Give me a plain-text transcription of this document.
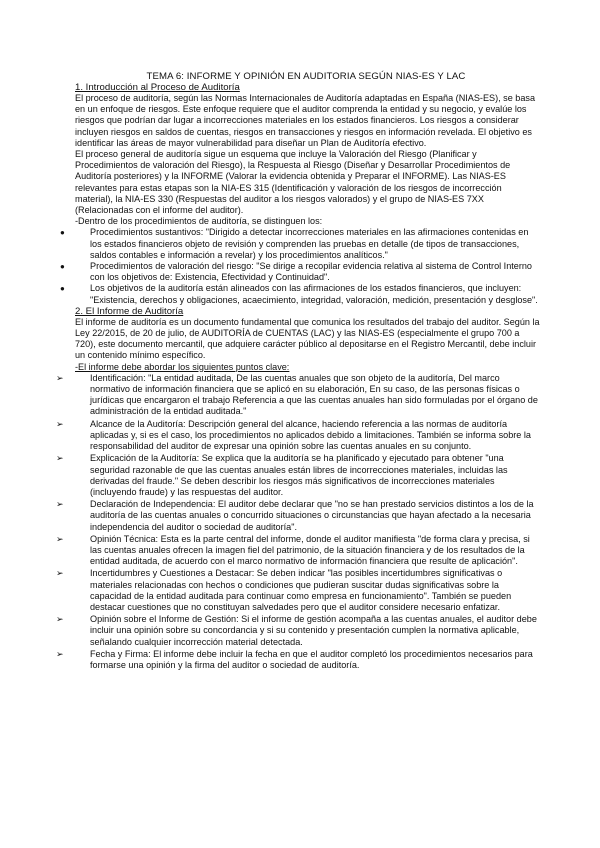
TEMA 6: INFORME Y OPINIÓN EN AUDITORIA SEGÚN NIAS-ES Y LAC

1. Introducción al Proceso de Auditoría

El proceso de auditoría, según las Normas Internacionales de Auditoría adaptadas en España (NIAS-ES), se basa en un enfoque de riesgos. Este enfoque requiere que el auditor comprenda la entidad y su negocio, y evalúe los riesgos que podrían dar lugar a incorrecciones materiales en los estados financieros. Los riesgos a considerar incluyen riesgos en saldos de cuentas, riesgos en transacciones y riesgos en información revelada. El objetivo es identificar las áreas de mayor vulnerabilidad para diseñar un Plan de Auditoría efectivo.

El proceso general de auditoría sigue un esquema que incluye la Valoración del Riesgo (Planificar y Procedimientos de valoración del Riesgo), la Respuesta al Riesgo (Diseñar y Desarrollar Procedimientos de Auditoría posteriores) y la INFORME (Valorar la evidencia obtenida y Preparar el INFORME). Las NIAS-ES relevantes para estas etapas son la NIA-ES 315 (Identificación y valoración de los riesgos de incorrección material), la NIA-ES 330 (Respuestas del auditor a los riesgos valorados) y el grupo de NIAS-ES 7XX (Relacionadas con el informe del auditor).

-Dentro de los procedimientos de auditoría, se distinguen los:

●	Procedimientos sustantivos: "Dirigido a detectar incorrecciones materiales en las afirmaciones contenidas en los estados financieros objeto de revisión y comprenden las pruebas en detalle (de tipos de transacciones, saldos contables e información a revelar) y los procedimientos analíticos."
●	Procedimientos de valoración del riesgo: "Se dirige a recopilar evidencia relativa al sistema de Control Interno con los objetivos de: Existencia, Efectividad y Continuidad".
●	Los objetivos de la auditoría están alineados con las afirmaciones de los estados financieros, que incluyen: "Existencia, derechos y obligaciones, acaecimiento, integridad, valoración, medición, presentación y desglose".

2. El Informe de Auditoría

El informe de auditoría es un documento fundamental que comunica los resultados del trabajo del auditor. Según la Ley 22/2015, de 20 de julio, de AUDITORÍA de CUENTAS (LAC) y las NIAS-ES (especialmente el grupo 700 a 720), este documento mercantil, que adquiere carácter público al depositarse en el Registro Mercantil, debe incluir un contenido mínimo específico.

-El informe debe abordar los siguientes puntos clave:

➢	Identificación: "La entidad auditada, De las cuentas anuales que son objeto de la auditoría, Del marco normativo de información financiera que se aplicó en su elaboración, En su caso, de las personas físicas o jurídicas que encargaron el trabajo Referencia a que las cuentas anuales han sido formuladas por el órgano de administración de la entidad auditada."
➢	Alcance de la Auditoría: Descripción general del alcance, haciendo referencia a las normas de auditoría aplicadas y, si es el caso, los procedimientos no aplicados debido a limitaciones. También se informa sobre la responsabilidad del auditor de expresar una opinión sobre las cuentas anuales en su conjunto.
➢	Explicación de la Auditoría: Se explica que la auditoría se ha planificado y ejecutado para obtener "una seguridad razonable de que las cuentas anuales están libres de incorrecciones materiales, incluidas las derivadas del fraude." Se deben describir los riesgos más significativos de incorrecciones materiales (incluyendo fraude) y las respuestas del auditor.
➢	Declaración de Independencia: El auditor debe declarar que "no se han prestado servicios distintos a los de la auditoría de las cuentas anuales o concurrido situaciones o circunstancias que hayan afectado a la necesaria independencia del auditor o sociedad de auditoría".
➢	Opinión Técnica: Esta es la parte central del informe, donde el auditor manifiesta "de forma clara y precisa, si las cuentas anuales ofrecen la imagen fiel del patrimonio, de la situación financiera y de los resultados de la entidad auditada, de acuerdo con el marco normativo de información financiera que resulte de aplicación".
➢	Incertidumbres y Cuestiones a Destacar: Se deben indicar "las posibles incertidumbres significativas o materiales relacionadas con hechos o condiciones que pudieran suscitar dudas significativas sobre la capacidad de la entidad auditada para continuar como empresa en funcionamiento". También se pueden destacar cuestiones que no constituyan salvedades pero que el auditor considere necesario enfatizar.
➢	Opinión sobre el Informe de Gestión: Si el informe de gestión acompaña a las cuentas anuales, el auditor debe incluir una opinión sobre su concordancia y si su contenido y presentación cumplen la normativa aplicable, señalando cualquier incorrección material detectada.
➢	Fecha y Firma: El informe debe incluir la fecha en que el auditor completó los procedimientos necesarios para formarse una opinión y la firma del auditor o sociedad de auditoría.
